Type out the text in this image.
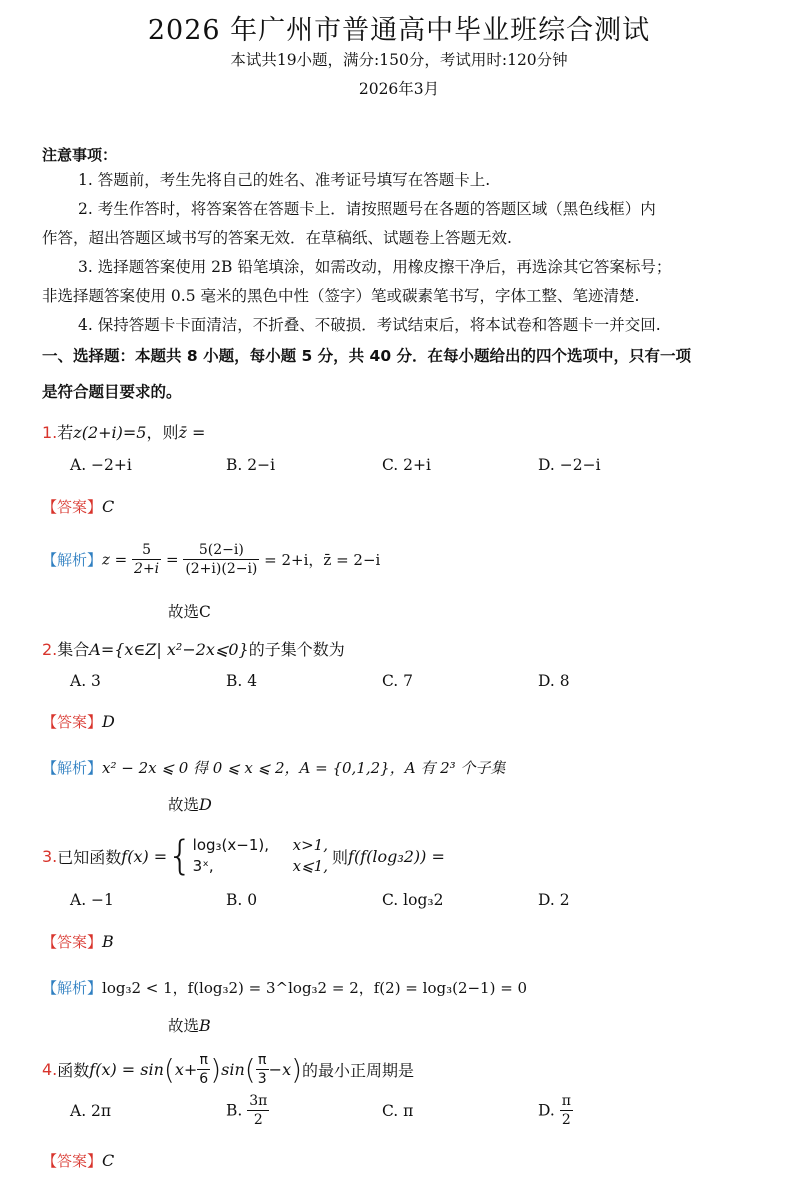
2026 年广州市普通高中毕业班综合测试
本试共19小题，满分:150分，考试用时:120分钟
2026年3月
注意事项：
1. 答题前，考生先将自己的姓名、准考证号填写在答题卡上.
2. 考生作答时，将答案答在答题卡上．请按照题号在各题的答题区域（黑色线框）内
作答，超出答题区域书写的答案无效．在草稿纸、试题卷上答题无效.
3. 选择题答案使用 2B 铅笔填涂，如需改动，用橡皮擦干净后，再选涂其它答案标号；
非选择题答案使用 0.5 毫米的黑色中性（签字）笔或碳素笔书写，字体工整、笔迹清楚.
4. 保持答题卡卡面清洁，不折叠、不破损．考试结束后，将本试卷和答题卡一并交回.
一、选择题：本题共 8 小题，每小题 5 分，共 40 分．在每小题给出的四个选项中，只有一项
是符合题目要求的。
1.若z(2+i)=5，则z̄ =
A. −2+i	B. 2−i	C. 2+i	D. −2−i
【答案】C
【解析】$z = \frac{5}{2+i} = \frac{5(2-i)}{(2+i)(2-i)} = 2+i$，z̄ = 2−i
故选C
2.集合A={x∈Z| x²−2x⩽0}的子集个数为
A. 3	B. 4	C. 7	D. 8
【答案】D
【解析】x² − 2x ⩽ 0 得 0 ⩽ x ⩽ 2，A = {0,1,2}，A 有 2³ 个子集
故选D
3. 已知函数 f(x) = { log₃(x−1),	x>1,
3ˣ,	x⩽1, 则 f(f(log₃2)) =
A. −1	B. 0	C. log₃2	D. 2
【答案】B
【解析】log₃2 < 1，f(log₃2) = 3^log₃2 = 2，f(2) = log₃(2−1) = 0
故选B
4. 函数 f(x) = sin ( $x+ \frac{\pi}{6}$ ) sin ( $\frac{\pi}{3} -x$ ) 的最小正周期是
A. 2π	B. $\frac{3\pi}{2}$	C. π	D. $\frac{\pi}{2}$
【答案】C
